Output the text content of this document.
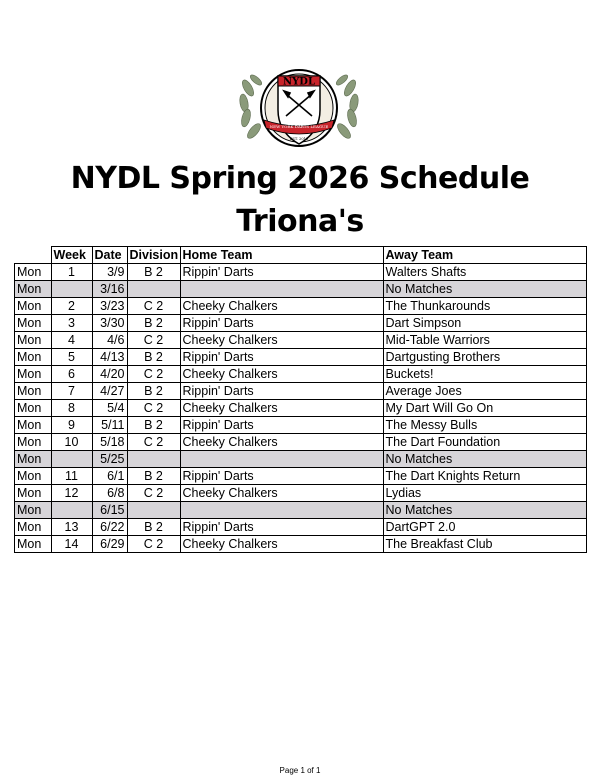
NYDL
NEW YORK DARTS LEAGUE
EST. 2015
NYDL Spring 2026 Schedule
Triona's
	Week	Date	Division	Home Team	Away Team
Mon	1	3/9	B 2	Rippin' Darts	Walters Shafts
Mon		3/16			No Matches
Mon	2	3/23	C 2	Cheeky Chalkers	The Thunkarounds
Mon	3	3/30	B 2	Rippin' Darts	Dart Simpson
Mon	4	4/6	C 2	Cheeky Chalkers	Mid-Table Warriors
Mon	5	4/13	B 2	Rippin' Darts	Dartgusting Brothers
Mon	6	4/20	C 2	Cheeky Chalkers	Buckets!
Mon	7	4/27	B 2	Rippin' Darts	Average Joes
Mon	8	5/4	C 2	Cheeky Chalkers	My Dart Will Go On
Mon	9	5/11	B 2	Rippin' Darts	The Messy Bulls
Mon	10	5/18	C 2	Cheeky Chalkers	The Dart Foundation
Mon		5/25			No Matches
Mon	11	6/1	B 2	Rippin' Darts	The Dart Knights Return
Mon	12	6/8	C 2	Cheeky Chalkers	Lydias
Mon		6/15			No Matches
Mon	13	6/22	B 2	Rippin' Darts	DartGPT 2.0
Mon	14	6/29	C 2	Cheeky Chalkers	The Breakfast Club
Page 1 of 1
